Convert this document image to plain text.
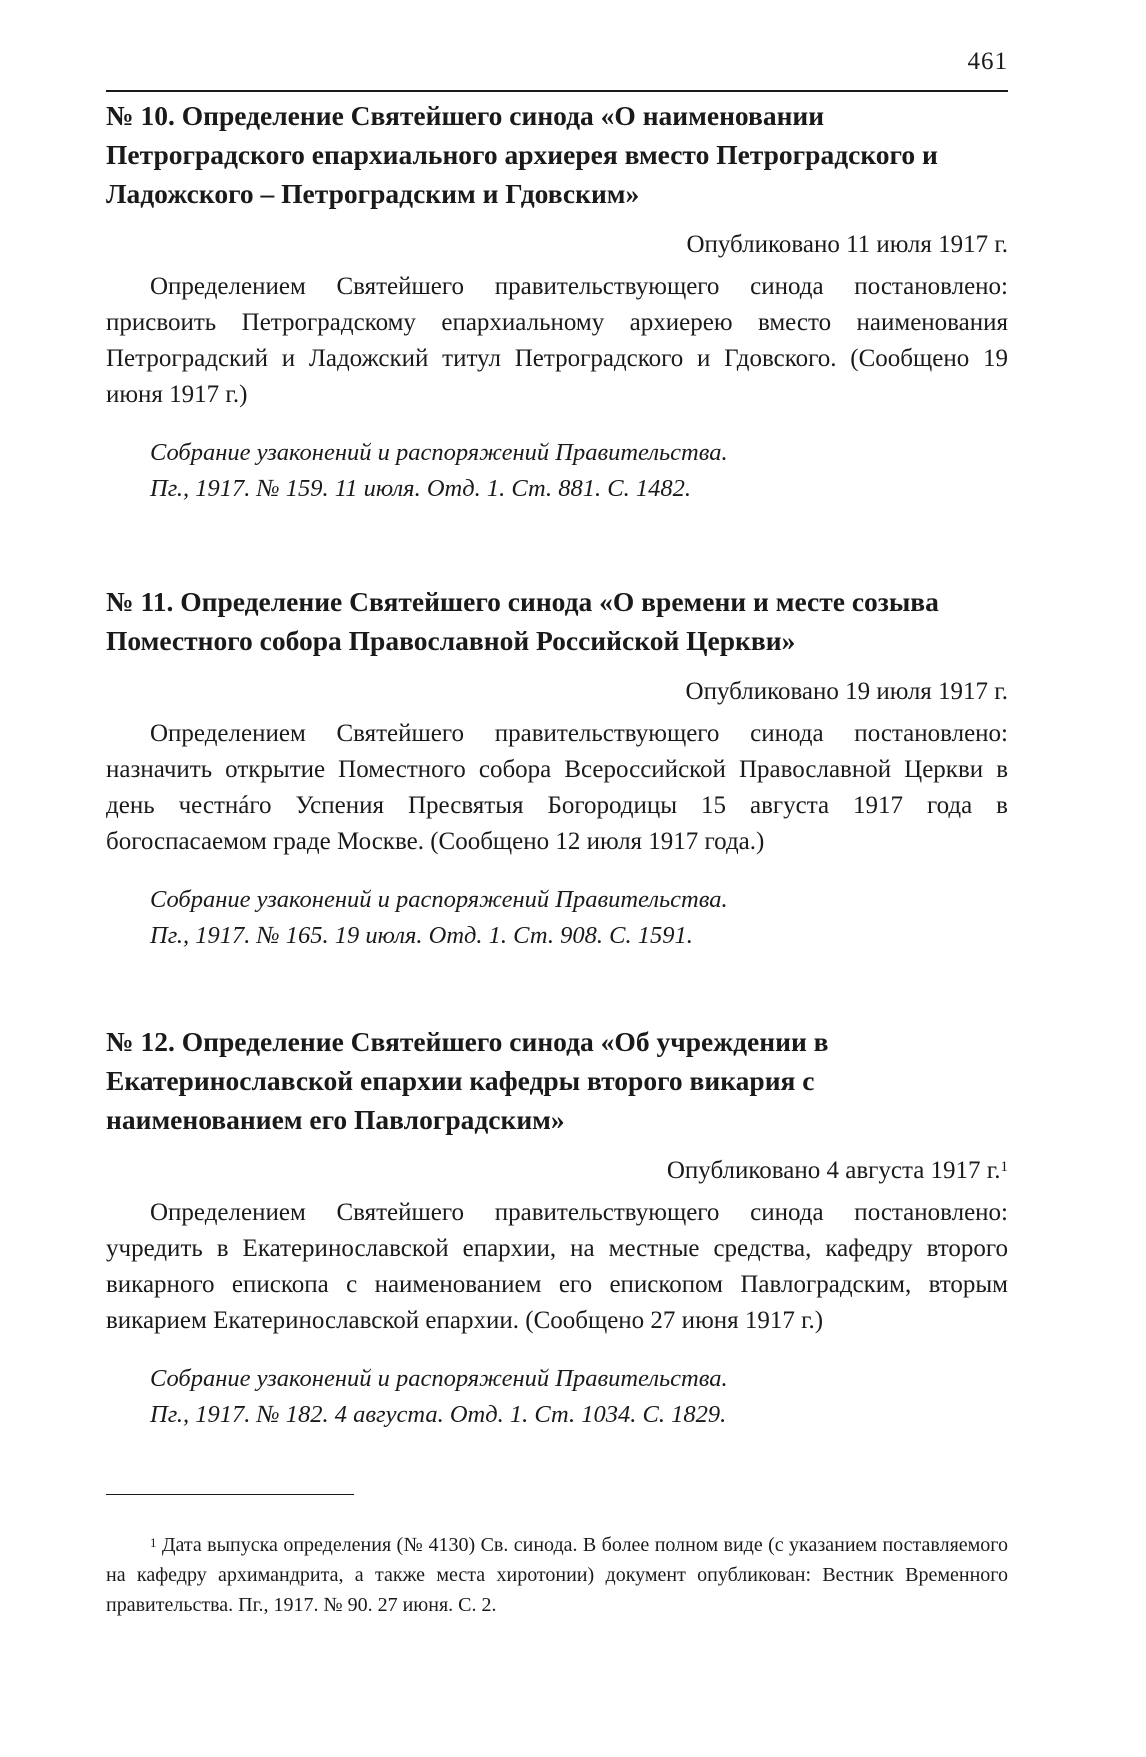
461
№ 10. Определение Святейшего синода «О наименовании Петроградского епархиального архиерея вместо Петроградского и Ладожского – Петроградским и Гдовским»
Опубликовано 11 июля 1917 г.

Определением Святейшего правительствующего синода постановлено: присвоить Петроградскому епархиальному архиерею вместо наименования Петроградский и Ладожский титул Петроградского и Гдовского. (Сообщено 19 июня 1917 г.)

Собрание узаконений и распоряжений Правительства.
Пг., 1917. № 159. 11 июля. Отд. 1. Ст. 881. С. 1482.
№ 11. Определение Святейшего синода «О времени и месте созыва Поместного собора Православной Российской Церкви»
Опубликовано 19 июля 1917 г.

Определением Святейшего правительствующего синода постановлено: назначить открытие Поместного собора Всероссийской Православной Церкви в день честнáго Успения Пресвятыя Богородицы 15 августа 1917 года в богоспасаемом граде Москве. (Сообщено 12 июля 1917 года.)

Собрание узаконений и распоряжений Правительства.
Пг., 1917. № 165. 19 июля. Отд. 1. Ст. 908. С. 1591.
№ 12. Определение Святейшего синода «Об учреждении в Екатеринославской епархии кафедры второго викария с наименованием его Павлоградским»
Опубликовано 4 августа 1917 г.$^1$

Определением Святейшего правительствующего синода постановлено: учредить в Екатеринославской епархии, на местные средства, кафедру второго викарного епископа с наименованием его епископом Павлоградским, вторым викарием Екатеринославской епархии. (Сообщено 27 июня 1917 г.)

Собрание узаконений и распоряжений Правительства.
Пг., 1917. № 182. 4 августа. Отд. 1. Ст. 1034. С. 1829.

$^1$ Дата выпуска определения (№ 4130) Св. синода. В более полном виде (с указанием поставляемого на кафедру архимандрита, а также места хиротонии) документ опубликован: Вестник Временного правительства. Пг., 1917. № 90. 27 июня. С. 2.
